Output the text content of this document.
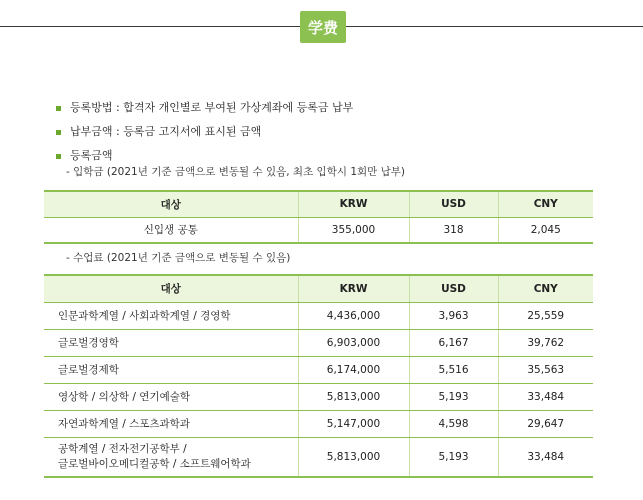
学费
등록방법 : 합격자 개인별로 부여된 가상계좌에 등록금 납부
납부금액 : 등록금 고지서에 표시된 금액
등록금액
- 입학금 (2021년 기준 금액으로 변동될 수 있음, 최초 입학시 1회만 납부)
대상	KRW	USD	CNY
신입생 공통	355,000	318	2,045
- 수업료 (2021년 기준 금액으로 변동될 수 있음)
대상	KRW	USD	CNY
인문과학계열 / 사회과학계열 / 경영학	4,436,000	3,963	25,559
글로벌경영학	6,903,000	6,167	39,762
글로벌경제학	6,174,000	5,516	35,563
영상학 / 의상학 / 연기예술학	5,813,000	5,193	33,484
자연과학계열 / 스포츠과학과	5,147,000	4,598	29,647
공학계열 / 전자전기공학부 /
글로벌바이오메디컬공학 / 소프트웨어학과	5,813,000	5,193	33,484
